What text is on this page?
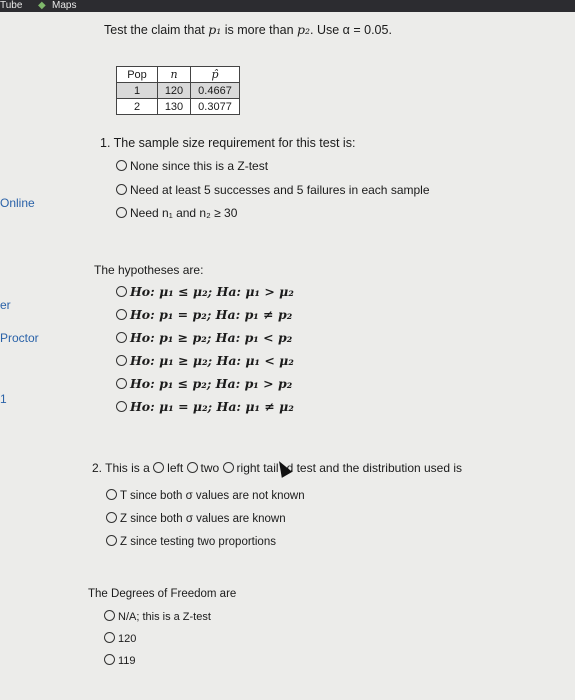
Tube ◆ Maps
Online
er
Proctor
1
Test the claim that p₁ is more than p₂. Use α = 0.05.
Pop	n	p̂
1	120	0.4667
2	130	0.3077
1. The sample size requirement for this test is:
None since this is a Z-test
Need at least 5 successes and 5 failures in each sample
Need n₁ and n₂ ≥ 30
The hypotheses are:
Ho: μ₁ ≤ μ₂; Ha: μ₁ > μ₂
Ho: p₁ = p₂; Ha: p₁ ≠ p₂
Ho: p₁ ≥ p₂; Ha: p₁ < p₂
Ho: μ₁ ≥ μ₂; Ha: μ₁ < μ₂
Ho: p₁ ≤ p₂; Ha: p₁ > p₂
Ho: μ₁ = μ₂; Ha: μ₁ ≠ μ₂
2. This is a left two right tail d test and the distribution used is
T since both σ values are not known
Z since both σ values are known
Z since testing two proportions
The Degrees of Freedom are
N/A; this is a Z-test
120
119
